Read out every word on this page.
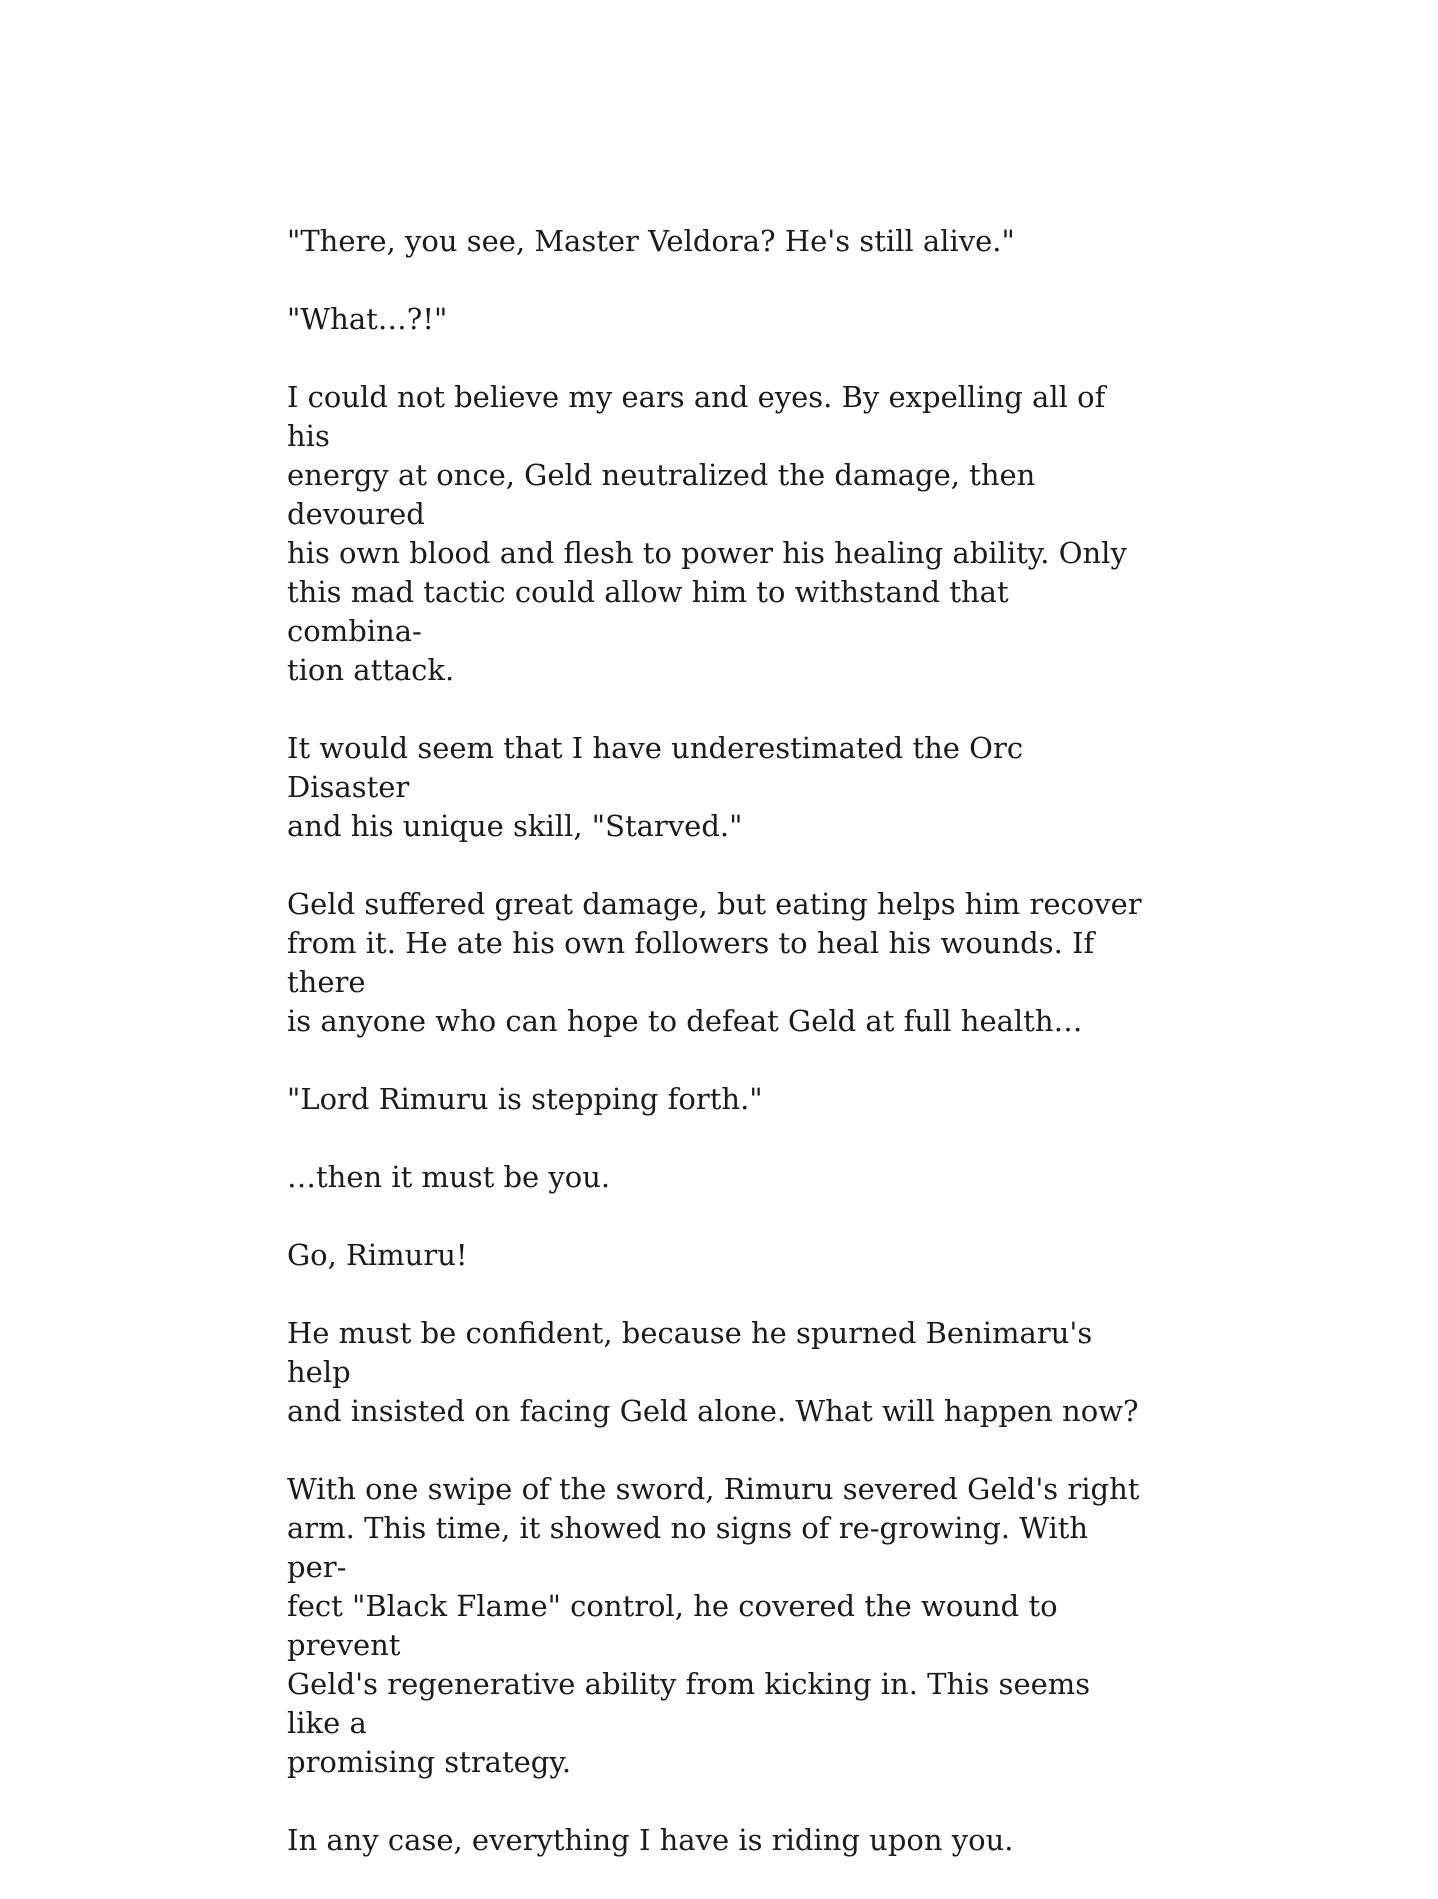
"There, you see, Master Veldora? He's still alive."

"What…?!"

I could not believe my ears and eyes. By expelling all of his
energy at once, Geld neutralized the damage, then devoured
his own blood and flesh to power his healing ability. Only
this mad tactic could allow him to withstand that combina-
tion attack.

It would seem that I have underestimated the Orc Disaster
and his unique skill, "Starved."

Geld suffered great damage, but eating helps him recover
from it. He ate his own followers to heal his wounds. If there
is anyone who can hope to defeat Geld at full health…

"Lord Rimuru is stepping forth."

…then it must be you.

Go, Rimuru!

He must be confident, because he spurned Benimaru's help
and insisted on facing Geld alone. What will happen now?

With one swipe of the sword, Rimuru severed Geld's right
arm. This time, it showed no signs of re-growing. With per-
fect "Black Flame" control, he covered the wound to prevent
Geld's regenerative ability from kicking in. This seems like a
promising strategy.

In any case, everything I have is riding upon you.
